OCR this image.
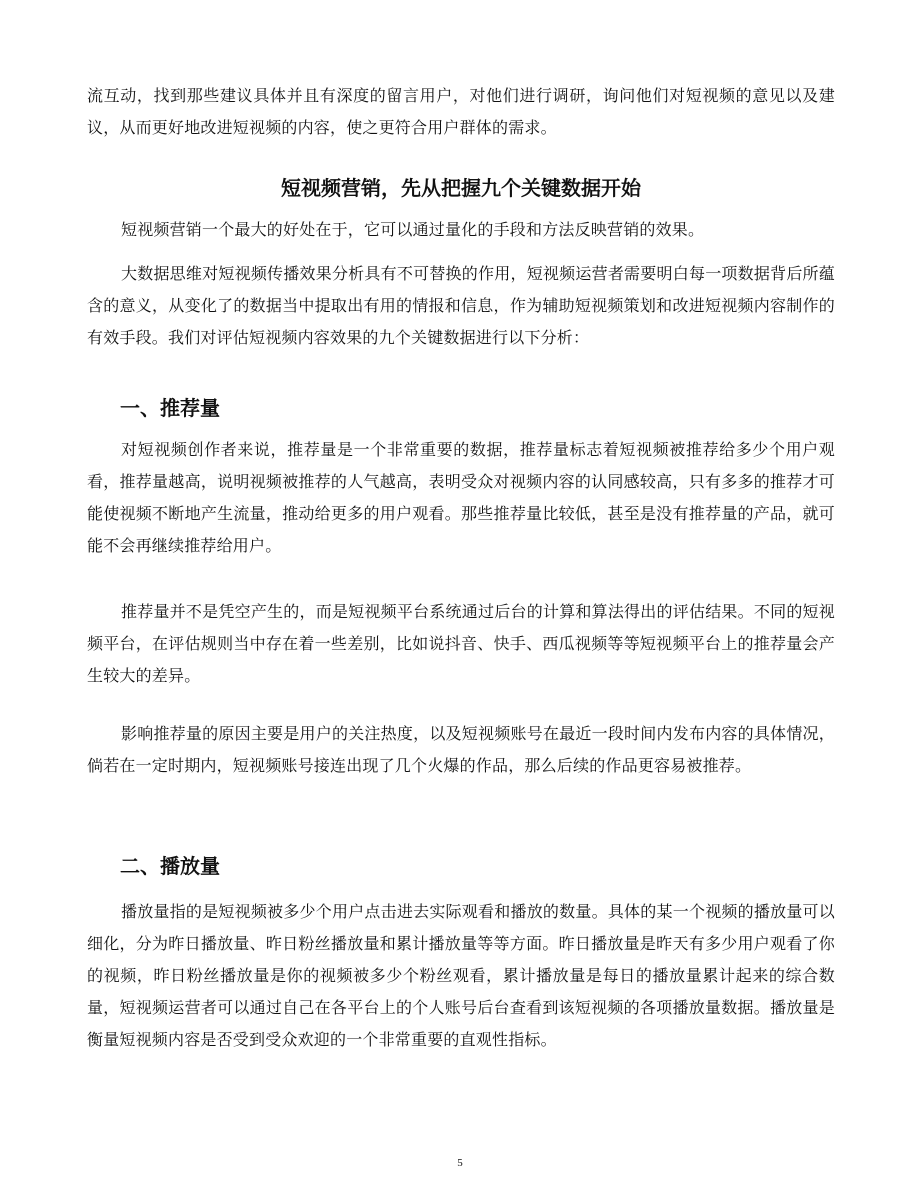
流互动，找到那些建议具体并且有深度的留言用户，对他们进行调研，询问他们对短视频的意见以及建议，从而更好地改进短视频的内容，使之更符合用户群体的需求。

短视频营销，先从把握九个关键数据开始

短视频营销一个最大的好处在于，它可以通过量化的手段和方法反映营销的效果。

大数据思维对短视频传播效果分析具有不可替换的作用，短视频运营者需要明白每一项数据背后所蕴含的意义，从变化了的数据当中提取出有用的情报和信息，作为辅助短视频策划和改进短视频内容制作的有效手段。我们对评估短视频内容效果的九个关键数据进行以下分析：

一、推荐量

对短视频创作者来说，推荐量是一个非常重要的数据，推荐量标志着短视频被推荐给多少个用户观看，推荐量越高，说明视频被推荐的人气越高，表明受众对视频内容的认同感较高，只有多多的推荐才可能使视频不断地产生流量，推动给更多的用户观看。那些推荐量比较低，甚至是没有推荐量的产品，就可能不会再继续推荐给用户。

推荐量并不是凭空产生的，而是短视频平台系统通过后台的计算和算法得出的评估结果。不同的短视频平台，在评估规则当中存在着一些差别，比如说抖音、快手、西瓜视频等等短视频平台上的推荐量会产生较大的差异。

影响推荐量的原因主要是用户的关注热度，以及短视频账号在最近一段时间内发布内容的具体情况，倘若在一定时期内，短视频账号接连出现了几个火爆的作品，那么后续的作品更容易被推荐。

二、播放量

播放量指的是短视频被多少个用户点击进去实际观看和播放的数量。具体的某一个视频的播放量可以细化，分为昨日播放量、昨日粉丝播放量和累计播放量等等方面。昨日播放量是昨天有多少用户观看了你的视频，昨日粉丝播放量是你的视频被多少个粉丝观看，累计播放量是每日的播放量累计起来的综合数量，短视频运营者可以通过自己在各平台上的个人账号后台查看到该短视频的各项播放量数据。播放量是衡量短视频内容是否受到受众欢迎的一个非常重要的直观性指标。

5
